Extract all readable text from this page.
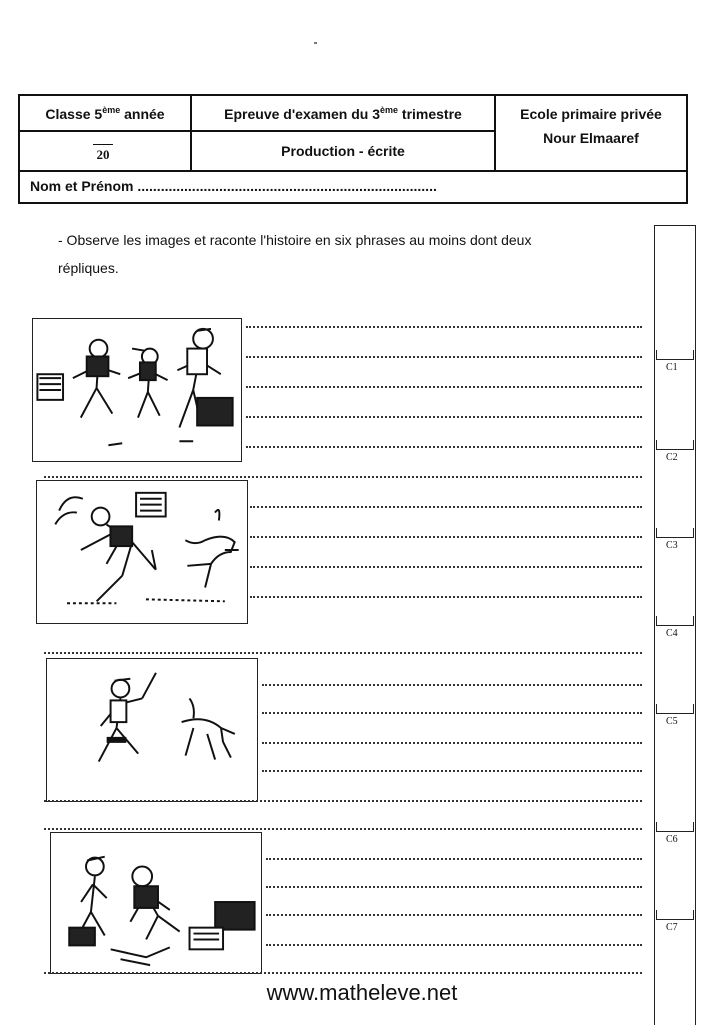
Classe 5ème année	Epreuve d'examen du 3ème trimestre	Ecole primaire privée
Nour Elmaaref
20	Production - écrite
Nom et Prénom .............................................................................
- Observe les images et raconte l'histoire en six phrases au moins dont deux
répliques.
C1
C2
C3
C4
C5
C6
C7
www.matheleve.net
